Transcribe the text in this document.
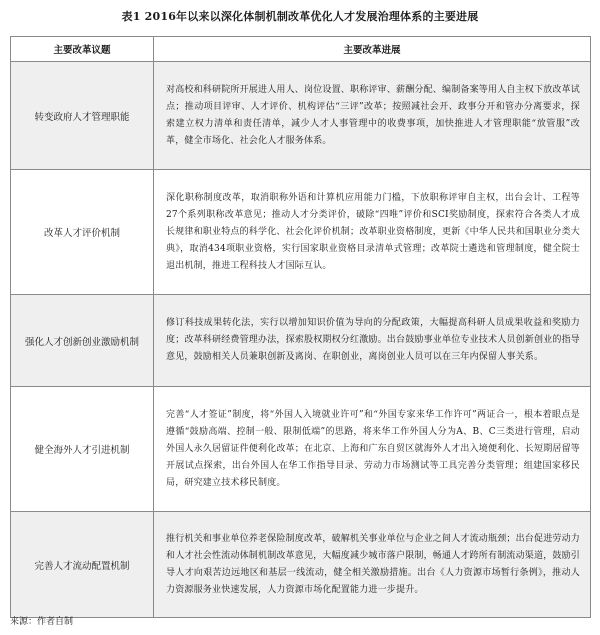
表1 2016年以来以深化体制机制改革优化人才发展治理体系的主要进展
主要改革议题	主要改革进展
转变政府人才管理职能	对高校和科研院所开展进人用人、岗位设置、职称评审、薪酬分配、编制备案等用人自主权下放改革试点；推动项目评审、人才评价、机构评估“三评”改革；按照减社会开、政事分开和管办分离要求，探索建立权力清单和责任清单，减少人才人事管理中的收费事项，加快推进人才管理职能“放管服”改革，健全市场化、社会化人才服务体系。
改革人才评价机制	深化职称制度改革，取消职称外语和计算机应用能力门槛，下放职称评审自主权，出台会计、工程等27个系列职称改革意见；推动人才分类评价，破除“四唯”评价和SCI奖励制度，探索符合各类人才成长规律和职业特点的科学化、社会化评价机制；改革职业资格制度，更新《中华人民共和国职业分类大典》，取消434项职业资格，实行国家职业资格目录清单式管理；改革院士遴选和管理制度，健全院士退出机制，推进工程科技人才国际互认。
强化人才创新创业激励机制	修订科技成果转化法，实行以增加知识价值为导向的分配政策，大幅提高科研人员成果收益和奖励力度；改革科研经费管理办法，探索股权期权分红激励。出台鼓励事业单位专业技术人员创新创业的指导意见，鼓励相关人员兼职创新及离岗、在职创业，离岗创业人员可以在三年内保留人事关系。
健全海外人才引进机制	完善“人才签证”制度，将“外国人入境就业许可”和“外国专家来华工作许可”两证合一，根本着眼点是遵循“鼓励高端、控制一般、限制低端”的思路，将来华工作外国人分为A、B、C三类进行管理，启动外国人永久居留证件便利化改革；在北京、上海和广东自贸区就海外人才出入境便利化、长短期居留等开展试点探索，出台外国人在华工作指导目录、劳动力市场测试等工具完善分类管理；组建国家移民局，研究建立技术移民制度。
完善人才流动配置机制	推行机关和事业单位养老保险制度改革，破解机关事业单位与企业之间人才流动瓶颈；出台促进劳动力和人才社会性流动体制机制改革意见，大幅度减少城市落户限制，畅通人才跨所有制流动渠道，鼓励引导人才向艰苦边远地区和基层一线流动，健全相关激励措施。出台《人力资源市场暂行条例》，推动人力资源服务业快速发展，人力资源市场化配置能力进一步提升。
来源：作者自制
